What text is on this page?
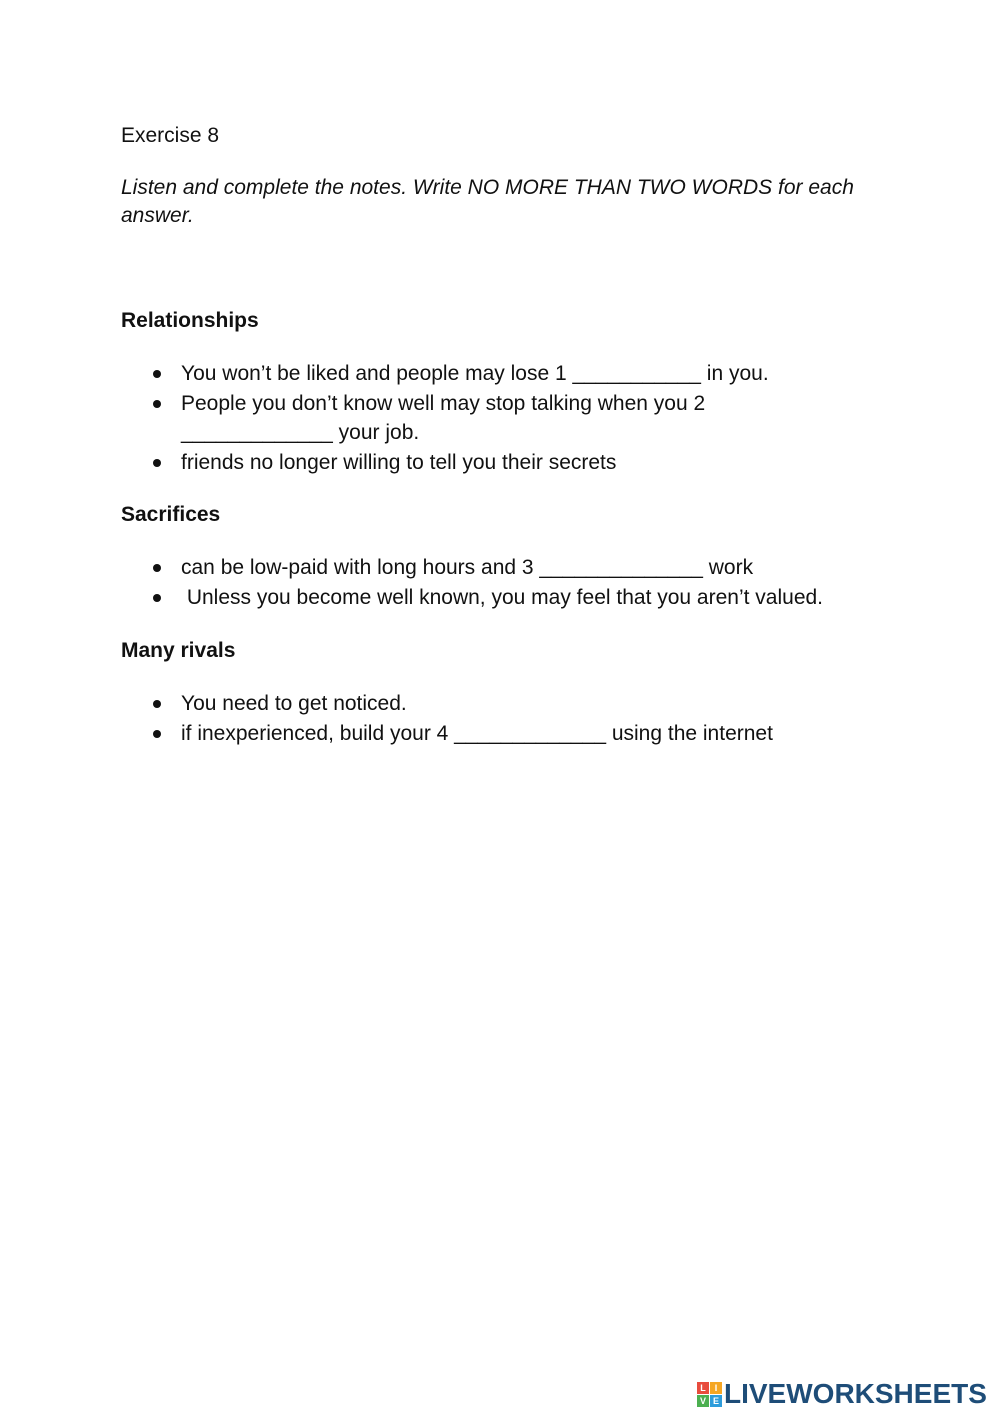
Exercise 8
Listen and complete the notes. Write NO MORE THAN TWO WORDS for each answer.
Relationships
You won’t be liked and people may lose 1 ___________ in you.
People you don’t know well may stop talking when you 2 _____________ your job.
friends no longer willing to tell you their secrets
Sacrifices
can be low-paid with long hours and 3 ______________ work
Unless you become well known, you may feel that you aren’t valued.
Many rivals
You need to get noticed.
if inexperienced, build your 4 _____________ using the internet
L I
V E LIVEWORKSHEETS
